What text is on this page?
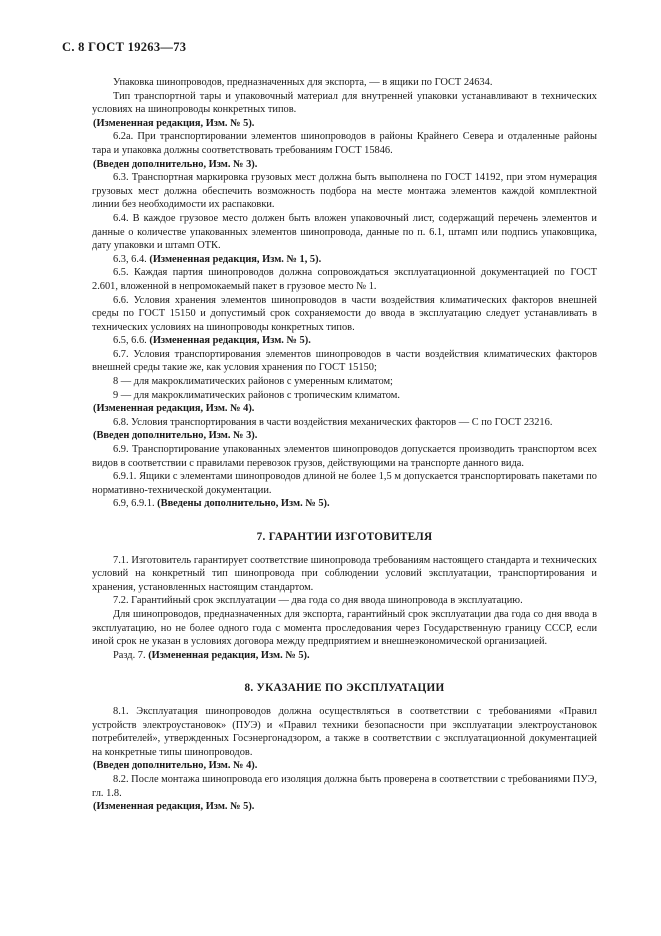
С. 8 ГОСТ 19263—73

Упаковка шинопроводов, предназначенных для экспорта, — в ящики по ГОСТ 24634.

Тип транспортной тары и упаковочный материал для внутренней упаковки устанавливают в технических условиях на шинопроводы конкретных типов.

(Измененная редакция, Изм. № 5).

6.2а. При транспортировании элементов шинопроводов в районы Крайнего Севера и отдаленные районы тара и упаковка должны соответствовать требованиям ГОСТ 15846.

(Введен дополнительно, Изм. № 3).

6.3. Транспортная маркировка грузовых мест должна быть выполнена по ГОСТ 14192, при этом нумерация грузовых мест должна обеспечить возможность подбора на месте монтажа элементов каждой комплектной линии без необходимости их распаковки.

6.4. В каждое грузовое место должен быть вложен упаковочный лист, содержащий перечень элементов и данные о количестве упакованных элементов шинопровода, данные по п. 6.1, штамп или подпись упаковщика, дату упаковки и штамп ОТК.

6.3, 6.4. (Измененная редакция, Изм. № 1, 5).

6.5. Каждая партия шинопроводов должна сопровождаться эксплуатационной документацией по ГОСТ 2.601, вложенной в непромокаемый пакет в грузовое место № 1.

6.6. Условия хранения элементов шинопроводов в части воздействия климатических факторов внешней среды по ГОСТ 15150 и допустимый срок сохраняемости до ввода в эксплуатацию следует устанавливать в технических условиях на шинопроводы конкретных типов.

6.5, 6.6. (Измененная редакция, Изм. № 5).

6.7. Условия транспортирования элементов шинопроводов в части воздействия климатических факторов внешней среды такие же, как условия хранения по ГОСТ 15150;

8 — для макроклиматических районов с умеренным климатом;

9 — для макроклиматических районов с тропическим климатом.

(Измененная редакция, Изм. № 4).

6.8. Условия транспортирования в части воздействия механических факторов — С по ГОСТ 23216.

(Введен дополнительно, Изм. № 3).

6.9. Транспортирование упакованных элементов шинопроводов допускается производить транспортом всех видов в соответствии с правилами перевозок грузов, действующими на транспорте данного вида.

6.9.1. Ящики с элементами шинопроводов длиной не более 1,5 м допускается транспортировать пакетами по нормативно-технической документации.

6.9, 6.9.1. (Введены дополнительно, Изм. № 5).

7. ГАРАНТИИ ИЗГОТОВИТЕЛЯ

7.1. Изготовитель гарантирует соответствие шинопровода требованиям настоящего стандарта и технических условий на конкретный тип шинопровода при соблюдении условий эксплуатации, транспортирования и хранения, установленных настоящим стандартом.

7.2. Гарантийный срок эксплуатации — два года со дня ввода шинопровода в эксплуатацию.

Для шинопроводов, предназначенных для экспорта, гарантийный срок эксплуатации два года со дня ввода в эксплуатацию, но не более одного года с момента проследования через Государственную границу СССР, если иной срок не указан в условиях договора между предприятием и внешнеэкономической организацией.

Разд. 7. (Измененная редакция, Изм. № 5).

8. УКАЗАНИЕ ПО ЭКСПЛУАТАЦИИ

8.1. Эксплуатация шинопроводов должна осуществляться в соответствии с требованиями «Правил устройств электроустановок» (ПУЭ) и «Правил техники безопасности при эксплуатации электроустановок потребителей», утвержденных Госэнергонадзором, а также в соответствии с эксплуатационной документацией на конкретные типы шинопроводов.

(Введен дополнительно, Изм. № 4).

8.2. После монтажа шинопровода его изоляция должна быть проверена в соответствии с требованиями ПУЭ, гл. 1.8.

(Измененная редакция, Изм. № 5).
